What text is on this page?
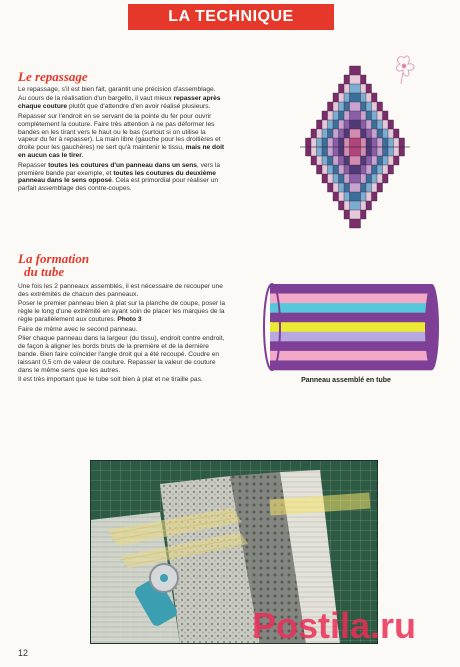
LA TECHNIQUE
Le repassage

Le repassage, s'il est bien fait, garantit une précision d'assemblage.

Au cours de la réalisation d'un bargello, il vaut mieux repasser après chaque couture plutôt que d'attendre d'en avoir réalisé plusieurs.

Repasser sur l'endroit en se servant de la pointe du fer pour ouvrir complètement la couture. Faire très attention à ne pas déformer les bandes en les tirant vers le haut ou le bas (surtout si on utilise la vapeur du fer à repasser). La main libre (gauche pour les droitières et droite pour les gauchères) ne sert qu'à maintenir le tissu, mais ne doit en aucun cas le tirer.

Repasser toutes les coutures d'un panneau dans un sens, vers la première bande par exemple, et toutes les coutures du deuxième panneau dans le sens opposé. Cela est primordial pour réaliser un parfait assemblage des contre-coupes.

La formation
du tube

Une fois les 2 panneaux assemblés, il est nécessaire de recouper une des extrémités de chacun des panneaux.

Poser le premier panneau bien à plat sur la planche de coupe, poser la règle le long d'une extrémité en ayant soin de placer les marques de la règle parallèlement aux coutures. Photo 3

Faire de même avec le second panneau.

Plier chaque panneau dans la largeur (du tissu), endroit contre endroit, de façon à aligner les bords bruts de la première et de la dernière bande. Bien faire coïncider l'angle droit qui a été recoupé. Coudre en laissant 0,5 cm de valeur de couture. Repasser la valeur de couture dans le même sens que les autres.

Il est très important que le tube soit bien à plat et ne tiraille pas.	Panneau assemblé en tube
Postila.ru
12
